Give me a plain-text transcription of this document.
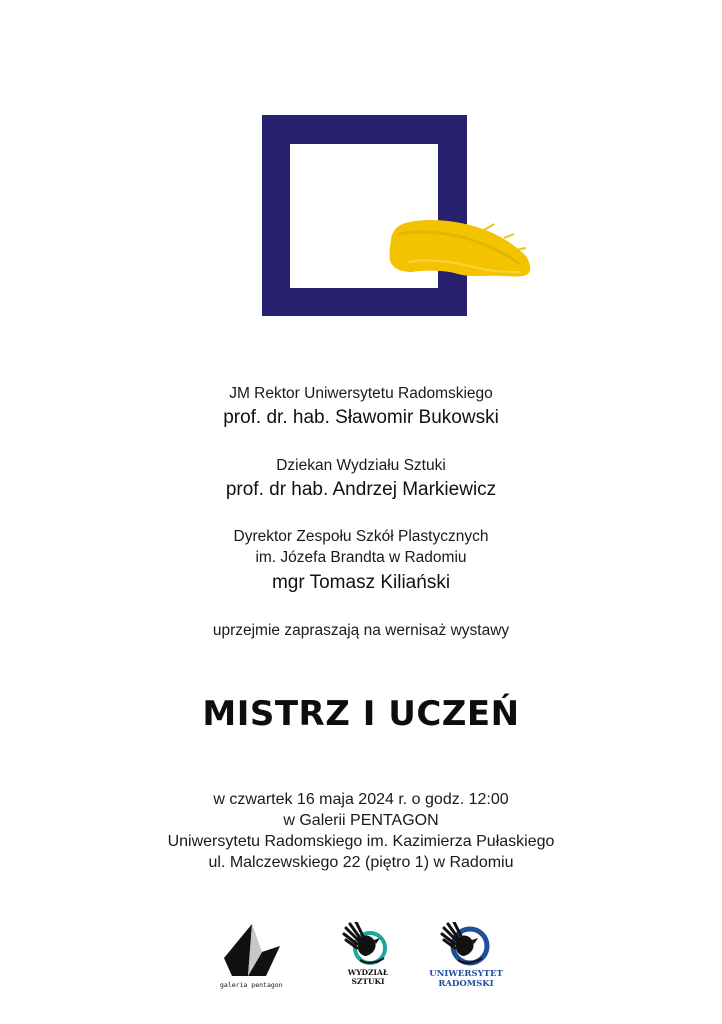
JM Rektor Uniwersytetu Radomskiego
prof. dr. hab. Sławomir Bukowski
Dziekan Wydziału Sztuki
prof. dr hab. Andrzej Markiewicz
Dyrektor Zespołu Szkół Plastycznych
im. Józefa Brandta w Radomiu
mgr Tomasz Kiliański
uprzejmie zapraszają na wernisaż wystawy
MISTRZ I UCZEŃ
w czwartek 16 maja 2024 r. o godz. 12:00
w Galerii PENTAGON
Uniwersytetu Radomskiego im. Kazimierza Pułaskiego
ul. Malczewskiego 22 (piętro 1) w Radomiu
galeria pentagon
WYDZIAŁ
SZTUKI
UNIWERSYTET
RADOMSKI
